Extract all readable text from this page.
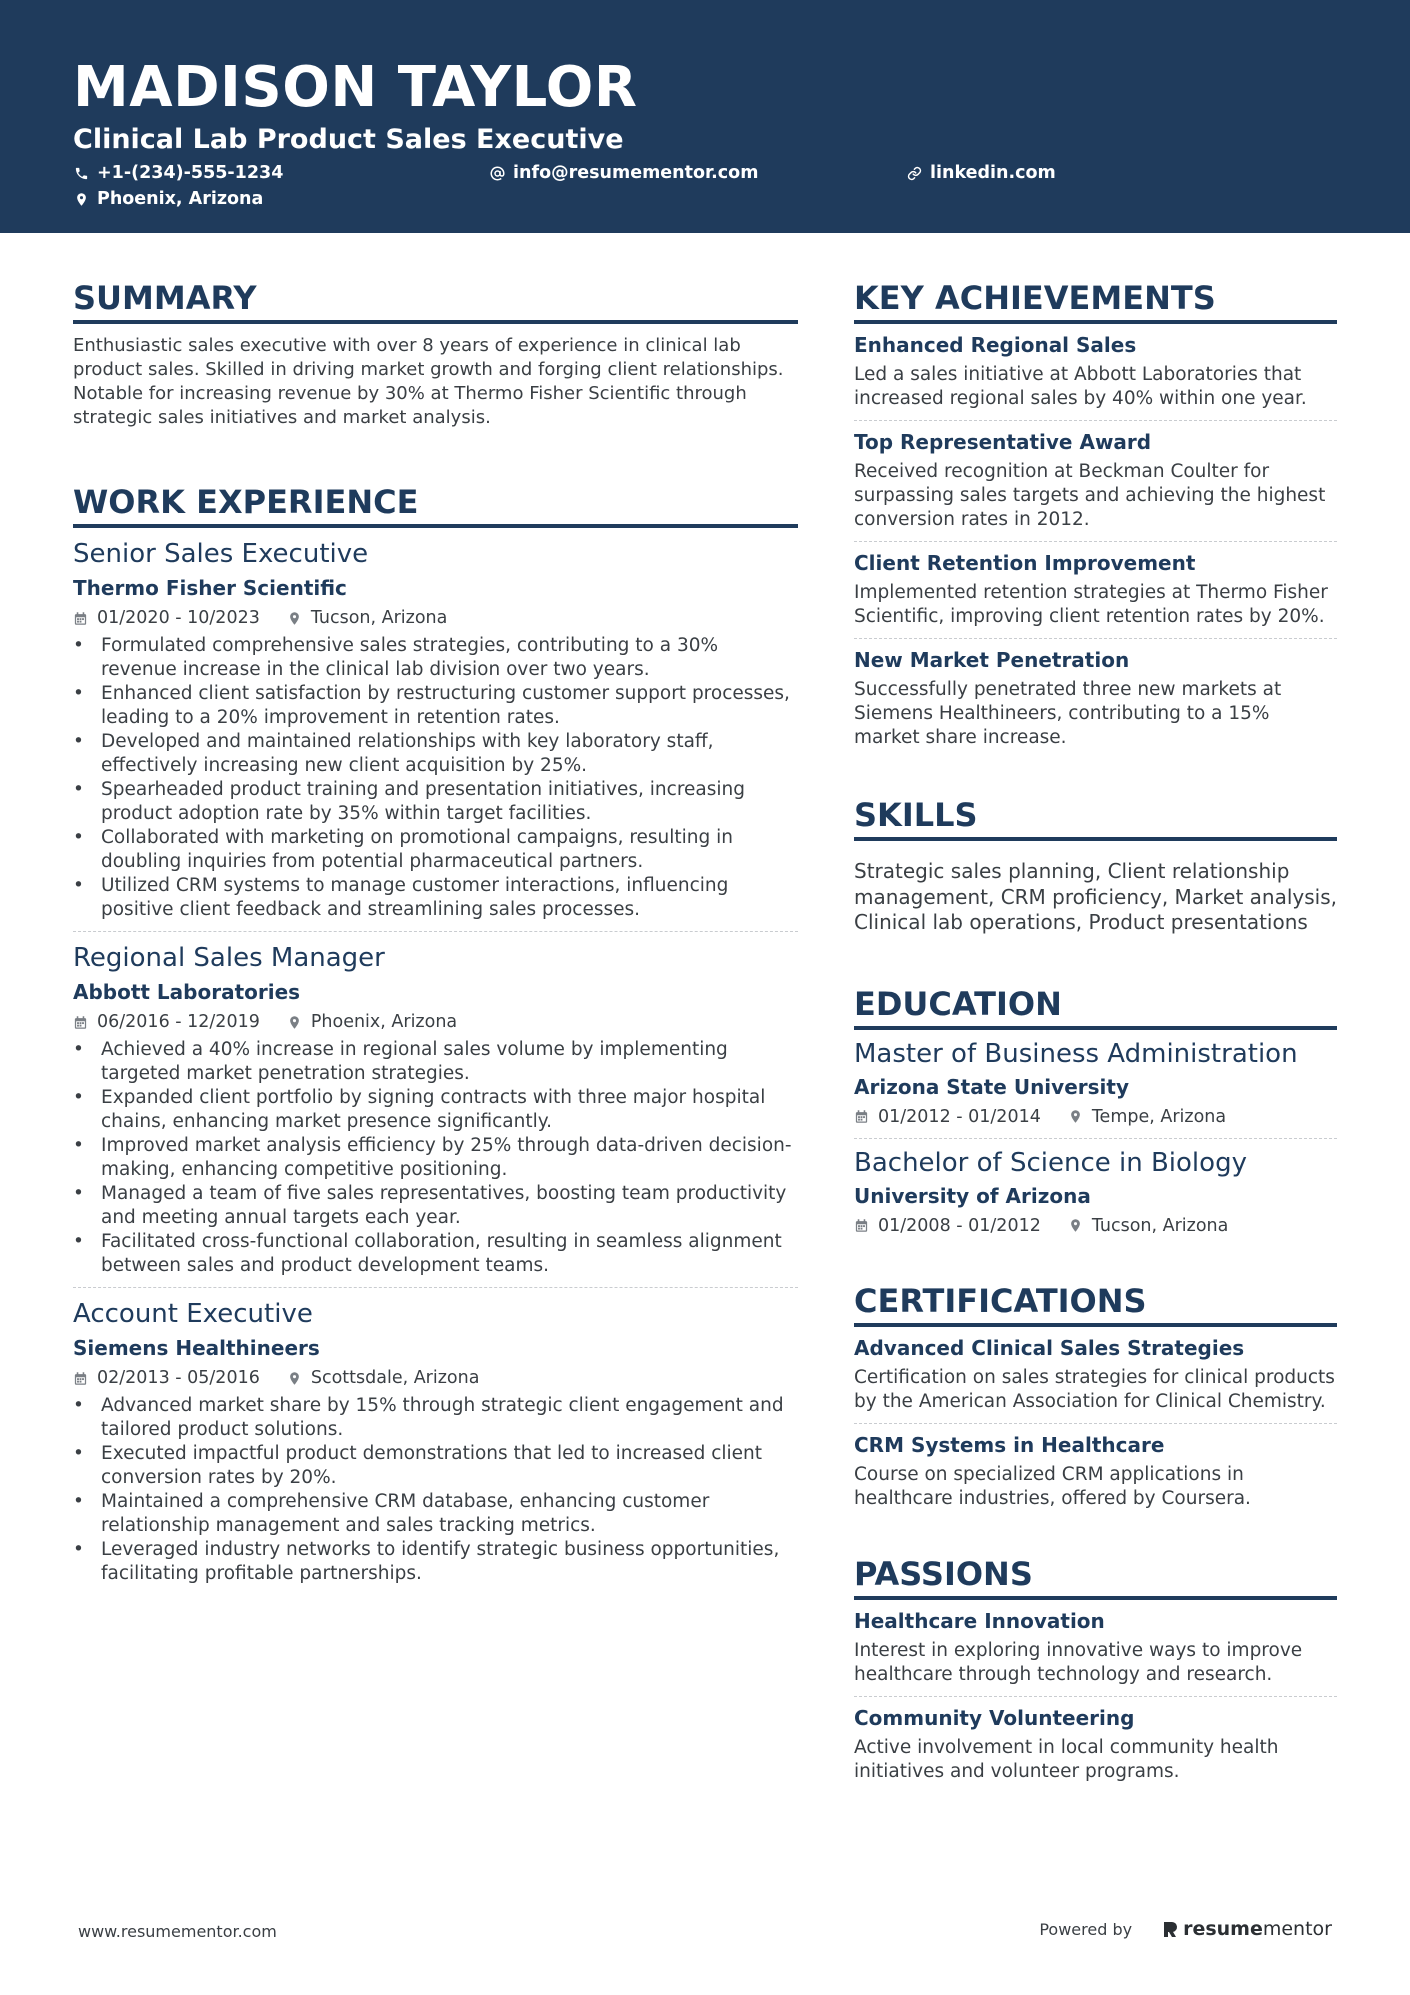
MADISON TAYLOR
Clinical Lab Product Sales Executive
+1-(234)-555-1234	info@resumementor.com	linkedin.com
Phoenix, Arizona
SUMMARY

Enthusiastic sales executive with over 8 years of experience in clinical lab product sales. Skilled in driving market growth and forging client relationships. Notable for increasing revenue by 30% at Thermo Fisher Scientific through strategic sales initiatives and market analysis.

WORK EXPERIENCE

Senior Sales Executive

Thermo Fisher Scientific

01/2020 - 10/2023	Tucson, Arizona
• Formulated comprehensive sales strategies, contributing to a 30% revenue increase in the clinical lab division over two years.
• Enhanced client satisfaction by restructuring customer support processes, leading to a 20% improvement in retention rates.
• Developed and maintained relationships with key laboratory staff, effectively increasing new client acquisition by 25%.
• Spearheaded product training and presentation initiatives, increasing product adoption rate by 35% within target facilities.
• Collaborated with marketing on promotional campaigns, resulting in doubling inquiries from potential pharmaceutical partners.
• Utilized CRM systems to manage customer interactions, influencing positive client feedback and streamlining sales processes.

Regional Sales Manager

Abbott Laboratories

06/2016 - 12/2019	Phoenix, Arizona
• Achieved a 40% increase in regional sales volume by implementing targeted market penetration strategies.
• Expanded client portfolio by signing contracts with three major hospital chains, enhancing market presence significantly.
• Improved market analysis efficiency by 25% through data-driven decision-making, enhancing competitive positioning.
• Managed a team of five sales representatives, boosting team productivity and meeting annual targets each year.
• Facilitated cross-functional collaboration, resulting in seamless alignment between sales and product development teams.

Account Executive

Siemens Healthineers

02/2013 - 05/2016	Scottsdale, Arizona
• Advanced market share by 15% through strategic client engagement and tailored product solutions.
• Executed impactful product demonstrations that led to increased client conversion rates by 20%.
• Maintained a comprehensive CRM database, enhancing customer relationship management and sales tracking metrics.
• Leveraged industry networks to identify strategic business opportunities, facilitating profitable partnerships.
KEY ACHIEVEMENTS

Enhanced Regional Sales

Led a sales initiative at Abbott Laboratories that increased regional sales by 40% within one year.

Top Representative Award

Received recognition at Beckman Coulter for surpassing sales targets and achieving the highest conversion rates in 2012.

Client Retention Improvement

Implemented retention strategies at Thermo Fisher Scientific, improving client retention rates by 20%.

New Market Penetration

Successfully penetrated three new markets at Siemens Healthineers, contributing to a 15% market share increase.

SKILLS

Strategic sales planning, Client relationship management, CRM proficiency, Market analysis, Clinical lab operations, Product presentations

EDUCATION

Master of Business Administration

Arizona State University

01/2012 - 01/2014	Tempe, Arizona

Bachelor of Science in Biology

University of Arizona

01/2008 - 01/2012	Tucson, Arizona
CERTIFICATIONS

Advanced Clinical Sales Strategies

Certification on sales strategies for clinical products by the American Association for Clinical Chemistry.

CRM Systems in Healthcare

Course on specialized CRM applications in healthcare industries, offered by Coursera.

PASSIONS

Healthcare Innovation

Interest in exploring innovative ways to improve healthcare through technology and research.

Community Volunteering

Active involvement in local community health initiatives and volunteer programs.

www.resumementor.com	Powered by	resume mentor
